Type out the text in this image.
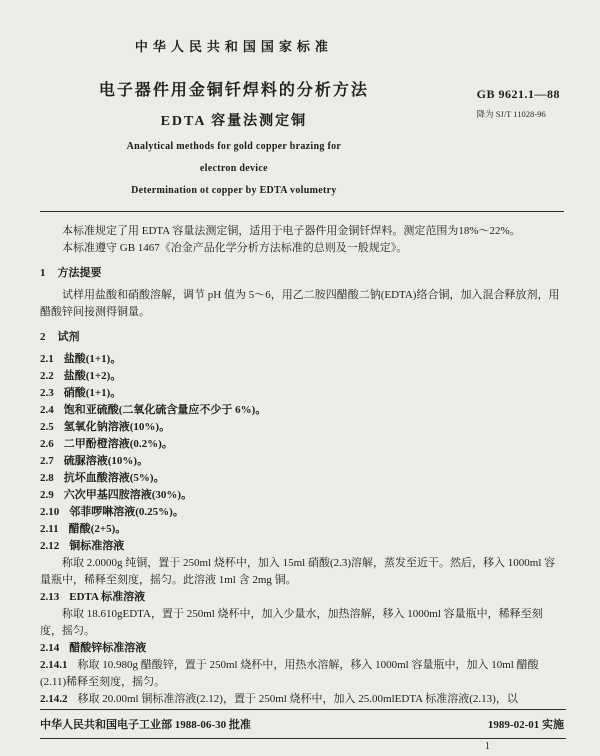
中华人民共和国国家标准
电子器件用金铜钎焊料的分析方法
EDTA 容量法测定铜
GB 9621.1—88
降为 SJ/T 11028-96
Analytical methods for gold copper brazing for
electron device
Determination ot copper by EDTA volumetry

本标准规定了用 EDTA 容量法测定铜，适用于电子器件用金铜钎焊料。测定范围为18%～22%。

本标准遵守 GB 1467《冶金产品化学分析方法标准的总则及一般规定》。

1 方法提要

试样用盐酸和硝酸溶解，调节 pH 值为 5～6，用乙二胺四醋酸二钠(EDTA)络合铜，加入混合释放剂，用醋酸锌间接测得铜量。

2 试剂

2.1 盐酸(1+1)。

2.2 盐酸(1+2)。

2.3 硝酸(1+1)。

2.4 饱和亚硫酸(二氧化硫含量应不少于 6%)。

2.5 氢氧化钠溶液(10%)。

2.6 二甲酚橙溶液(0.2%)。

2.7 硫脲溶液(10%)。

2.8 抗坏血酸溶液(5%)。

2.9 六次甲基四胺溶液(30%)。

2.10 邻菲啰啉溶液(0.25%)。

2.11 醋酸(2+5)。

2.12 铜标准溶液

称取 2.0000g 纯铜，置于 250ml 烧杯中，加入 15ml 硝酸(2.3)溶解，蒸发至近干。然后，移入 1000ml 容量瓶中，稀释至刻度，摇匀。此溶液 1ml 含 2mg 铜。

2.13 EDTA 标准溶液

称取 18.610gEDTA，置于 250ml 烧杯中，加入少量水，加热溶解，移入 1000ml 容量瓶中，稀释至刻度，摇匀。

2.14 醋酸锌标准溶液

2.14.1 称取 10.980g 醋酸锌，置于 250ml 烧杯中，用热水溶解，移入 1000ml 容量瓶中，加入 10ml 醋酸(2.11)稀释至刻度，摇匀。

2.14.2 移取 20.00ml 铜标准溶液(2.12)，置于 250ml 烧杯中，加入 25.00mlEDTA 标准溶液(2.13)，以

中华人民共和国电子工业部 1988-06-30 批准	1989-02-01 实施
1
